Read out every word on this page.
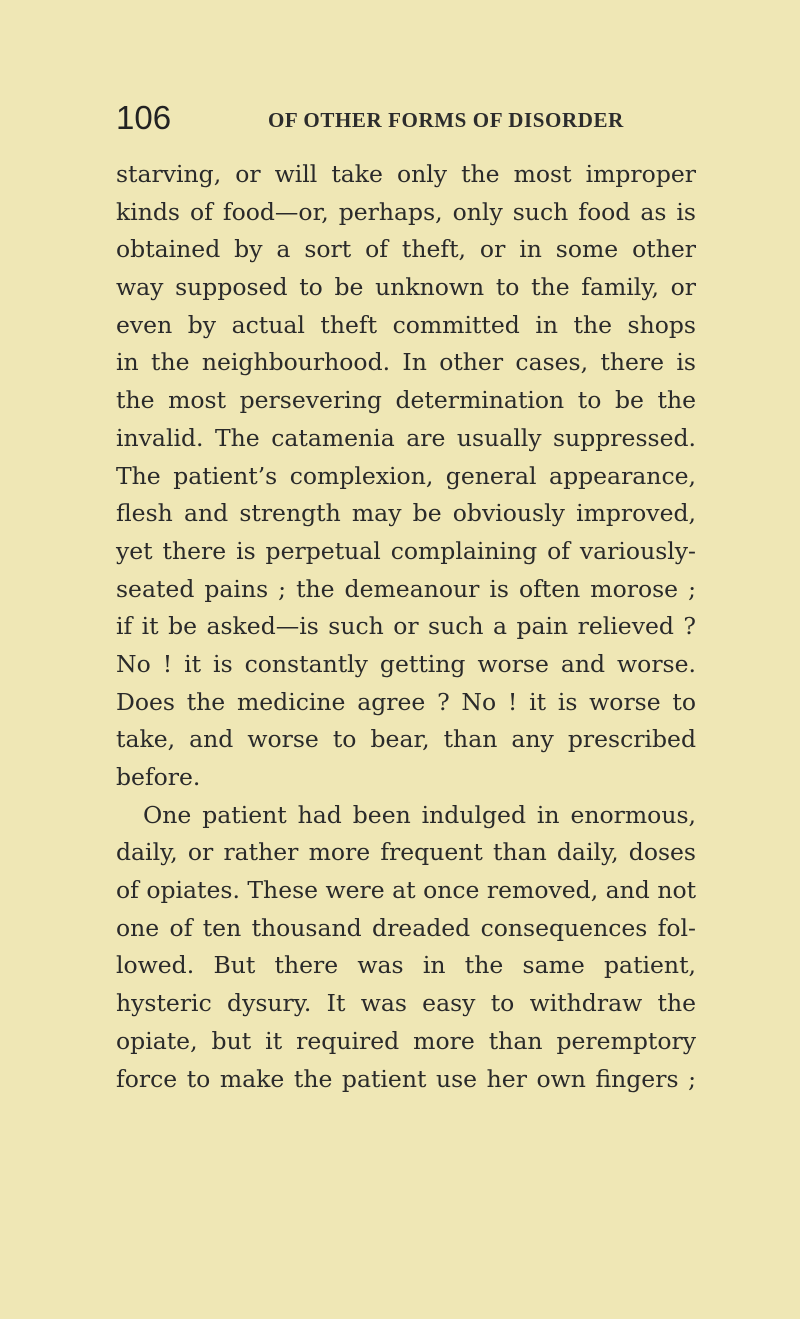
106	OF OTHER FORMS OF DISORDER
starving, or will take only the most improper
kinds of food—or, perhaps, only such food as is
obtained by a sort of theft, or in some other
way supposed to be unknown to the family, or
even by actual theft committed in the shops
in the neighbourhood. In other cases, there is
the most persevering determination to be the
invalid. The catamenia are usually suppressed.
The patient’s complexion, general appearance,
flesh and strength may be obviously improved,
yet there is perpetual complaining of variously-
seated pains ; the demeanour is often morose ;
if it be asked—is such or such a pain relieved ?
No ! it is constantly getting worse and worse.
Does the medicine agree ? No ! it is worse to
take, and worse to bear, than any prescribed
before.
One patient had been indulged in enormous,
daily, or rather more frequent than daily, doses
of opiates. These were at once removed, and not
one of ten thousand dreaded consequences fol-
lowed. But there was in the same patient,
hysteric dysury. It was easy to withdraw the
opiate, but it required more than peremptory
force to make the patient use her own fingers ;
